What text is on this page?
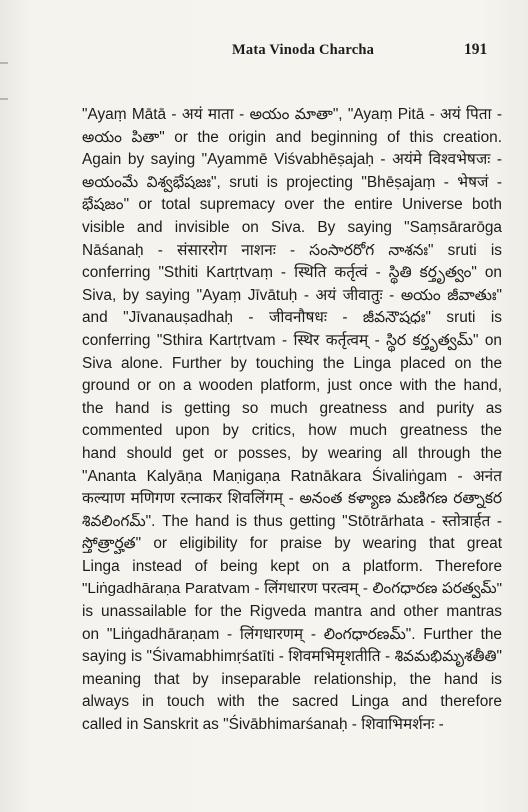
Mata Vinoda Charcha	191
"Ayaṃ Mātā - अयं माता - అయం మాతా", "Ayaṃ Pitā - अयं पिता -
అయం పితా" or the origin and beginning of this creation.
Again by saying "Ayammē Viśvabhēṣajaḥ - अयंमे विश्वभेषजः -
అయంమే విశ్వభేషజః", sruti is projecting "Bhēṣajaṃ - भेषजं -
భేషజం" or total supremacy over the entire Universe both
visible and invisible on Siva. By saying "Saṃsārarōga
Nāśanaḥ - संसाररोग नाशनः - సంసారరోగ నాశనః" sruti is
conferring "Sthiti Kartṛtvaṃ - स्थिति कर्तृत्वं - స్థితి కర్తృత్వం" on
Siva, by saying "Ayaṃ Jīvātuḥ - अयं जीवातुः - అయం జీవాతుః"
and "Jīvanauṣadhaḥ - जीवनौषधः - జీవనౌషధః" sruti is
conferring "Sthira Kartṛtvam - स्थिर कर्तृत्वम् - స్థిర కర్తృత్వమ్" on
Siva alone. Further by touching the Linga placed on the
ground or on a wooden platform, just once with the hand,
the hand is getting so much greatness and purity as
commented upon by critics, how much greatness the
hand should get or posses, by wearing all through the
"Ananta Kalyāṇa Maṇigaṇa Ratnākara Śivaliṅgam - अनंत
कल्याण मणिगण रत्नाकर शिवलिंगम् - అనంత కళ్యాణ మణిగణ రత్నాకర
శివలింగమ్". The hand is thus getting "Stōtrārhata - स्तोत्रार्हत -
స్తోత్రార్హత" or eligibility for praise by wearing that great
Linga instead of being kept on a platform. Therefore
"Liṅgadhāraṇa Paratvam - लिंगधारण परत्वम् - లింగధారణ పరత్వమ్"
is unassailable for the Rigveda mantra and other mantras
on "Liṅgadhāraṇam - लिंगधारणम् - లింగధారణమ్". Further the
saying is "Śivamabhimṛśatīti - शिवमभिमृशतीति - శివమభిమృశతీతి"
meaning that by inseparable relationship, the hand is
always in touch with the sacred Linga and therefore
called in Sanskrit as "Śivābhimarśanaḥ - शिवाभिमर्शनः -
